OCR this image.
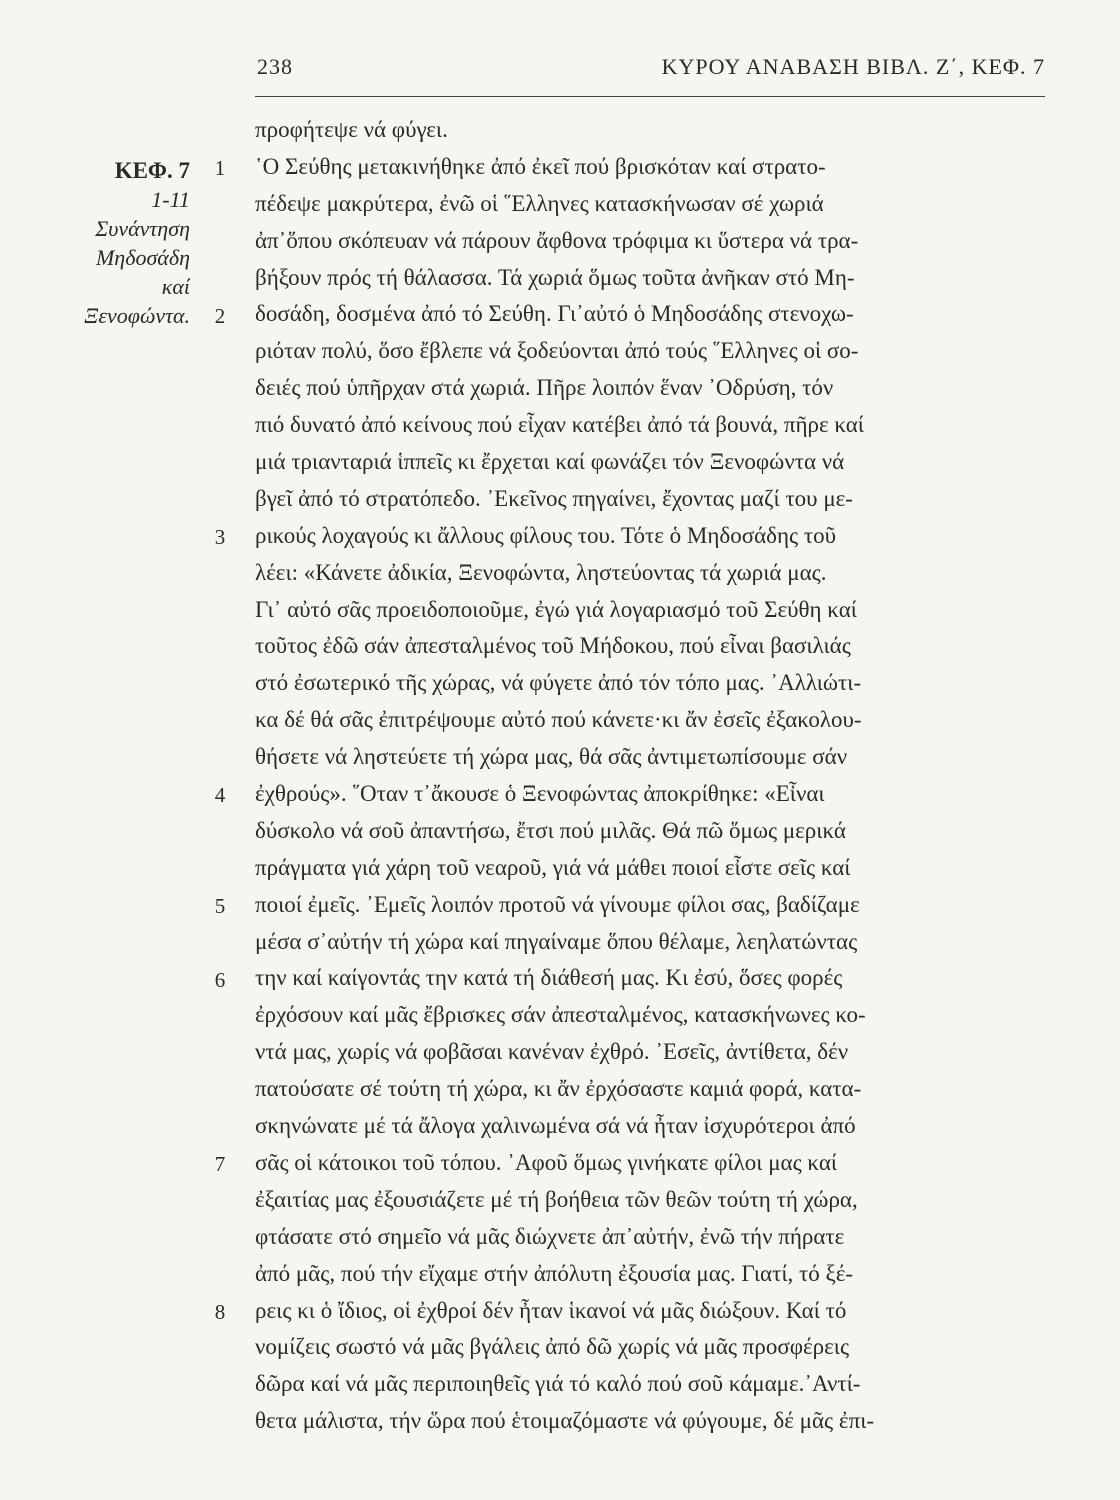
238	ΚΥΡΟΥ ΑΝΑΒΑΣΗ ΒΙΒΛ. Ζ΄, ΚΕΦ. 7
ΚΕΦ. 7
1-11
Συνάντηση
Μηδοσάδη
καί
Ξενοφώντα.
1
2
3
4
5
6
7
8
προφήτεψε νά φύγει.
῾Ο Σεύθης μετακινήθηκε ἀπό ἐκεῖ πού βρισκόταν καί στρατο-
πέδεψε μακρύτερα, ἐνῶ οἱ ῞Ελληνες κατασκήνωσαν σέ χωριά
ἀπ᾿ὅπου σκόπευαν νά πάρουν ἄφθονα τρόφιμα κι ὕστερα νά τρα-
βήξουν πρός τή θάλασσα. Τά χωριά ὅμως τοῦτα ἀνῆκαν στό Μη-
δοσάδη, δοσμένα ἀπό τό Σεύθη. Γι᾿αὐτό ὁ Μηδοσάδης στενοχω-
ριόταν πολύ, ὅσο ἔβλεπε νά ξοδεύονται ἀπό τούς ῞Ελληνες οἱ σο-
δειές πού ὑπῆρχαν στά χωριά. Πῆρε λοιπόν ἕναν ᾿Οδρύση, τόν
πιό δυνατό ἀπό κείνους πού εἶχαν κατέβει ἀπό τά βουνά, πῆρε καί
μιά τριανταριά ἱππεῖς κι ἔρχεται καί φωνάζει τόν Ξενοφώντα νά
βγεῖ ἀπό τό στρατόπεδο. ᾿Εκεῖνος πηγαίνει, ἔχοντας μαζί του με-
ρικούς λοχαγούς κι ἄλλους φίλους του. Τότε ὁ Μηδοσάδης τοῦ
λέει: «Κάνετε ἀδικία, Ξενοφώντα, ληστεύοντας τά χωριά μας.
Γι᾿ αὐτό σᾶς προειδοποιοῦμε, ἐγώ γιά λογαριασμό τοῦ Σεύθη καί
τοῦτος ἐδῶ σάν ἀπεσταλμένος τοῦ Μήδοκου, πού εἶναι βασιλιάς
στό ἐσωτερικό τῆς χώρας, νά φύγετε ἀπό τόν τόπο μας. ᾿Αλλιώτι-
κα δέ θά σᾶς ἐπιτρέψουμε αὐτό πού κάνετε·κι ἄν ἐσεῖς ἐξακολου-
θήσετε νά ληστεύετε τή χώρα μας, θά σᾶς ἀντιμετωπίσουμε σάν
ἐχθρούς». ῞Οταν τ᾿ἄκουσε ὁ Ξενοφώντας ἀποκρίθηκε: «Εἶναι
δύσκολο νά σοῦ ἀπαντήσω, ἔτσι πού μιλᾶς. Θά πῶ ὅμως μερικά
πράγματα γιά χάρη τοῦ νεαροῦ, γιά νά μάθει ποιοί εἶστε σεῖς καί
ποιοί ἐμεῖς. ᾿Εμεῖς λοιπόν προτοῦ νά γίνουμε φίλοι σας, βαδίζαμε
μέσα σ᾿αὐτήν τή χώρα καί πηγαίναμε ὅπου θέλαμε, λεηλατώντας
την καί καίγοντάς την κατά τή διάθεσή μας. Κι ἐσύ, ὅσες φορές
ἐρχόσουν καί μᾶς ἔβρισκες σάν ἀπεσταλμένος, κατασκήνωνες κο-
ντά μας, χωρίς νά φοβᾶσαι κανέναν ἐχθρό. ᾿Εσεῖς, ἀντίθετα, δέν
πατούσατε σέ τούτη τή χώρα, κι ἄν ἐρχόσαστε καμιά φορά, κατα-
σκηνώνατε μέ τά ἄλογα χαλινωμένα σά νά ἦταν ἰσχυρότεροι ἀπό
σᾶς οἱ κάτοικοι τοῦ τόπου. ᾿Αφοῦ ὅμως γινήκατε φίλοι μας καί
ἐξαιτίας μας ἐξουσιάζετε μέ τή βοήθεια τῶν θεῶν τούτη τή χώρα,
φτάσατε στό σημεῖο νά μᾶς διώχνετε ἀπ᾿αὐτήν, ἐνῶ τήν πήρατε
ἀπό μᾶς, πού τήν εἴχαμε στήν ἀπόλυτη ἐξουσία μας. Γιατί, τό ξέ-
ρεις κι ὁ ἴδιος, οἱ ἐχθροί δέν ἦταν ἱκανοί νά μᾶς διώξουν. Καί τό
νομίζεις σωστό νά μᾶς βγάλεις ἀπό δῶ χωρίς νά μᾶς προσφέρεις
δῶρα καί νά μᾶς περιποιηθεῖς γιά τό καλό πού σοῦ κάμαμε.᾿Αντί-
θετα μάλιστα, τήν ὥρα πού ἑτοιμαζόμαστε νά φύγουμε, δέ μᾶς ἐπι-
